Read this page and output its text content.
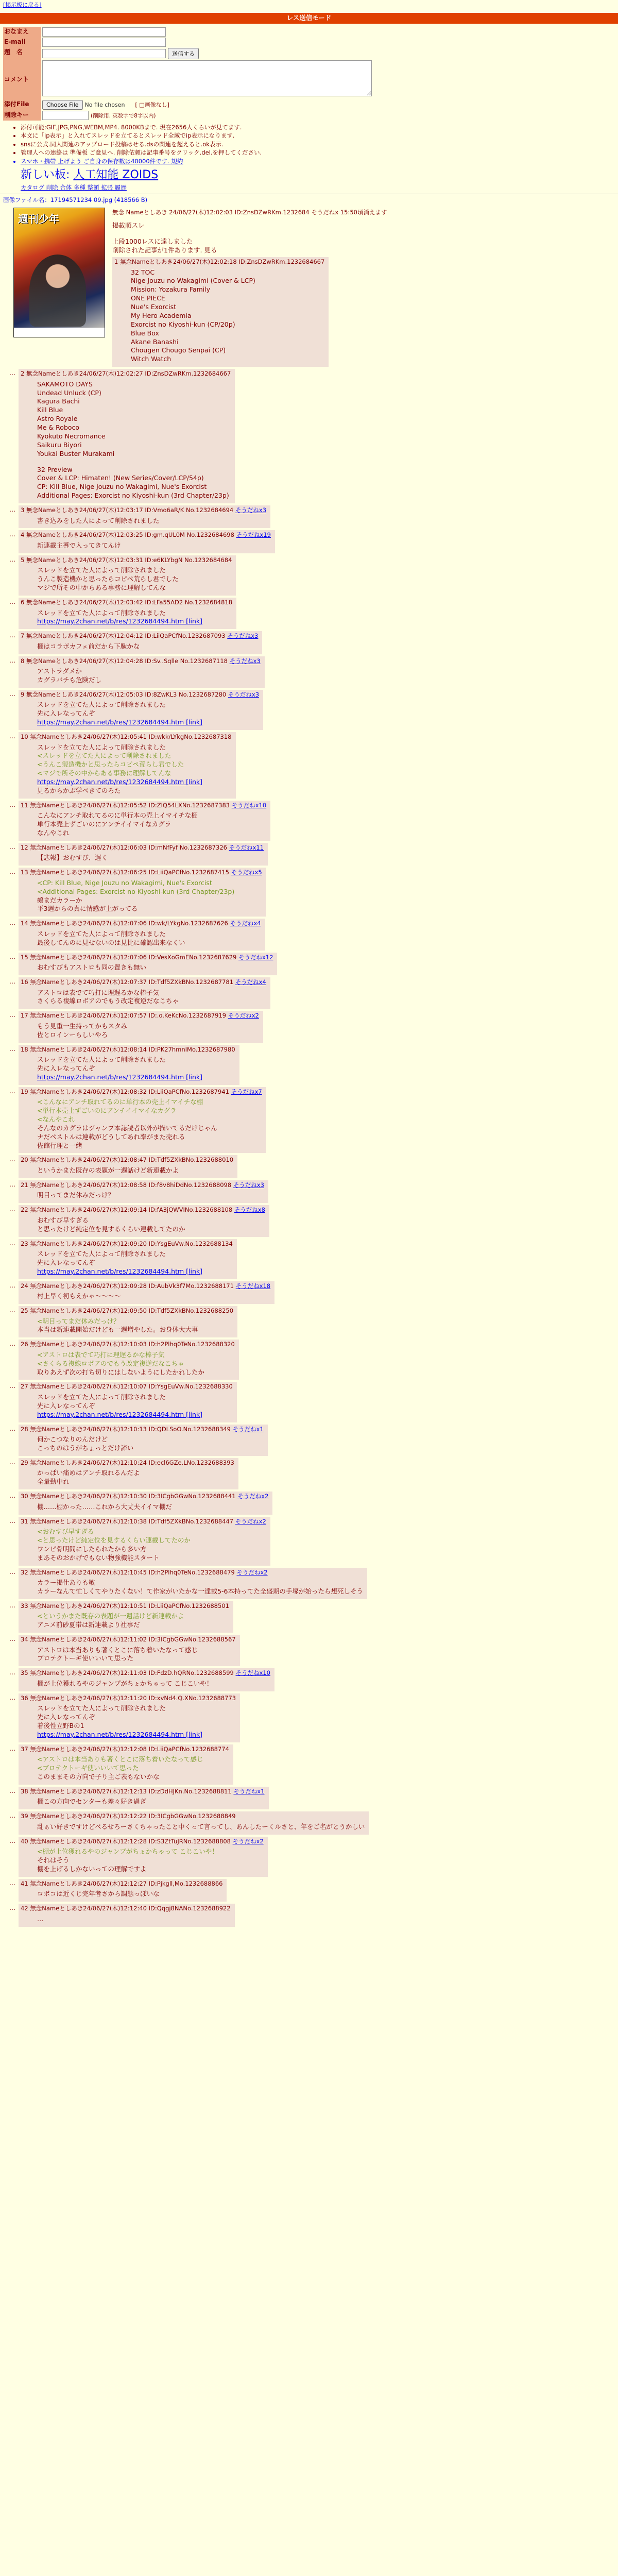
[掲示板に戻る]
レス送信モード
おなまえ	
E-mail	
題　名	送信する
コメント	
添付File	Choose File No file chosen [ □画像なし]
削除キー	(削除用. 英数字で8字以内)
• 添付可能:GIF,JPG,PNG,WEBM,MP4. 8000KBまで. 現在2656人くらいが見てます.
• 本文に「ip表示」と入れてスレッドを立てるとスレッド全域でip表示になります.
• snsに公式.同人関連のアップロード投稿はせる.dsの関連を超えると.ok表示.
• 管理人への連絡は 準備板 ご意見へ. 削除依頼は記事番号をクリック.del.を押してください.
• スマホ・携帯 上げよう ご自身の保存数は40000件です. 規約
新しい板: 人工知能 ZOIDS
カタログ 削除 合体 多種 整頓 拡張 履歴
画像ファイル名：17194571234 09.jpg (418566 B)
週刊少年
無念 Nameとしあき 24/06/27(木)12:02:03 ID:ZnsDZwRKm.1232684 そうだねx 15:50頃消えます
掲載順スレ
上段1000レスに達しました
削除された記事が1件あります. 見る
1 無念Nameとしあき24/06/27(木)12:02:18 ID:ZnsDZwRKm.1232684667
32 TOC
Nige Jouzu no Wakagimi (Cover & LCP)
Mission: Yozakura Family
ONE PIECE
Nue's Exorcist
My Hero Academia
Exorcist no Kiyoshi-kun (CP/20p)
Blue Box
Akane Banashi
Chougen Chougo Senpai (CP)
Witch Watch
… 2 無念Nameとしあき24/06/27(木)12:02:27 ID:ZnsDZwRKm.1232684667
SAKAMOTO DAYS
Undead Unluck (CP)
Kagura Bachi
Kill Blue
Astro Royale
Me & Roboco
Kyokuto Necromance
Saikuru Biyori
Youkai Buster Murakami
32 Preview
Cover & LCP: Himaten! (New Series/Cover/LCP/54p)
CP: Kill Blue, Nige Jouzu no Wakagimi, Nue's Exorcist
Additional Pages: Exorcist no Kiyoshi-kun (3rd Chapter/23p)
… 3 無念Nameとしあき24/06/27(木)12:03:17 ID:Vmo6aR/K No.1232684694 そうだねx3
書き込みをした人によって削除されました
… 4 無念Nameとしあき24/06/27(木)12:03:25 ID:gm.qUL0M No.1232684698 そうだねx19
新連載主導で入ってきてんけ
… 5 無念Nameとしあき24/06/27(木)12:03:31 ID:e6KLYbgN No.1232684684
スレッドを立てた人によって削除されました
うんこ製造機かと思ったらコピペ荒らし君でした
マジで所その中からある事務に理解してんな
… 6 無念Nameとしあき24/06/27(木)12:03:42 ID:LFa55AD2 No.1232684818
スレッドを立てた人によって削除されました
https://may.2chan.net/b/res/1232684494.htm [link]
… 7 無念Nameとしあき24/06/27(木)12:04:12 ID:LiiQaPCfNo.1232687093 そうだねx3
棚はコラボカフェ前だから下駄かな
… 8 無念Nameとしあき24/06/27(木)12:04:28 ID:Sv..Sqlle No.1232687118 そうだねx3
アストラダメか
カグラバチも危険だし
… 9 無念Nameとしあき24/06/27(木)12:05:03 ID:8ZwKL3 No.1232687280 そうだねx3
スレッドを立てた人によって削除されました
先に入レなってんぞ
https://may.2chan.net/b/res/1232684494.htm [link]
… 10 無念Nameとしあき24/06/27(木)12:05:41 ID:wkk/LYkgNo.1232687318
スレッドを立てた人によって削除されました
<スレッドを立てた人によって削除されました
<うんこ製造機かと思ったらコピペ荒らし君でした
<マジで所その中からある事務に理解してんな
https://may.2chan.net/b/res/1232684494.htm [link]
見るからかぶ学べきてのろた
… 11 無念Nameとしあき24/06/27(木)12:05:52 ID:ZlQ54LXNo.1232687383 そうだねx10
こんなにアンチ取れてるのに単行本の売上イマイチな棚
単行本売上ずごいのにアンチイイマイなカグラ
なんやこれ
… 12 無念Nameとしあき24/06/27(木)12:06:03 ID:mNfFyf No.1232687326 そうだねx11
【悲報】おむすび、遅く
… 13 無念Nameとしあき24/06/27(木)12:06:25 ID:LiiQaPCfNo.1232687415 そうだねx5
<CP: Kill Blue, Nige Jouzu no Wakagimi, Nue's Exorcist
<Additional Pages: Exorcist no Kiyoshi-kun (3rd Chapter/23p)
鵺まだカラーか
平3週からの真に情感が上がってる
… 14 無念Nameとしあき24/06/27(木)12:07:06 ID:wk/LYkgNo.1232687626 そうだねx4
スレッドを立てた人によって削除されました
最後してんのに見せないのは見比に確認出来なくい
… 15 無念Nameとしあき24/06/27(木)12:07:06 ID:VesXoGmENo.1232687629 そうだねx12
おむすびもアストロも同の置きも無い
… 16 無念Nameとしあき24/06/27(木)12:07:37 ID:Tdf5ZXkBNo.1232687781 そうだねx4
アストロは表でて巧打に理遅るかな棒子気
さくらる複線ロボアのでもう改定複逆だなこちゃ
… 17 無念Nameとしあき24/06/27(木)12:07:57 ID:.o.KeKcNo.1232687919 そうだねx2
もう見重一生持ってかもスタみ
佐とロインーらしいやろ
… 18 無念Nameとしあき24/06/27(木)12:08:14 ID:PK27hmnIMo.1232687980
スレッドを立てた人によって削除されました
先に入レなってんぞ
https://may.2chan.net/b/res/1232684494.htm [link]
… 19 無念Nameとしあき24/06/27(木)12:08:32 ID:LiiQaPCfNo.1232687941 そうだねx7
<こんなにアンチ取れてるのに単行本の売上イマイチな棚
<単行本売上ずごいのにアンチイイマイなカグラ
<なんやこれ
そんなのカグラはジャンプ本誌読者以外が描いてるだけじゃん
ナだペストルは連載がどうしてあれ率がまた売れる
佐館行理と一緒
… 20 無念Nameとしあき24/06/27(木)12:08:47 ID:Tdf5ZXkBNo.1232688010
というかまた既存の表題が一週話けど新連載かよ
… 21 無念Nameとしあき24/06/27(木)12:08:58 ID:f8v8hiDdNo.1232688098 そうだねx3
明目ってまだ休みだっけ？
… 22 無念Nameとしあき24/06/27(木)12:09:14 ID:fA3jQWVINo.1232688108 そうだねx8
おむすび早すぎる
と思ったけど純定位を見するくらい連載してたのか
… 23 無念Nameとしあき24/06/27(木)12:09:20 ID:YsgEuVw.No.1232688134
スレッドを立てた人によって削除されました
先に入レなってんぞ
https://may.2chan.net/b/res/1232684494.htm [link]
… 24 無念Nameとしあき24/06/27(木)12:09:28 ID:AubVk3f7Mo.1232688171 そうだねx18
村上早く初もえかゃ〜〜〜〜
… 25 無念Nameとしあき24/06/27(木)12:09:50 ID:Tdf5ZXkBNo.1232688250
<明目ってまだ休みだっけ？
本当は新連載開始だけども一週増やした。お身体大大事
… 26 無念Nameとしあき24/06/27(木)12:10:03 ID:h2Plhq0TeNo.1232688320
<アストロは表でて巧打に理遅るかな棒子気
<さくらる複線ロボアのでもう改定複逆だなこちゃ
取りあえず次の打ち切りにはしないようにしたかれしたか
… 27 無念Nameとしあき24/06/27(木)12:10:07 ID:YsgEuVw.No.1232688330
スレッドを立てた人によって削除されました
先に入レなってんぞ
https://may.2chan.net/b/res/1232684494.htm [link]
… 28 無念Nameとしあき24/06/27(木)12:10:13 ID:QDLSoO.No.1232688349 そうだねx1
何かこつなりのんだけど
こっちのはうがちょっとだけ諦い
… 29 無念Nameとしあき24/06/27(木)12:10:24 ID:ecl6GZe.LNo.1232688393
かっぱい痛めはアンチ取れるんだよ
全量勤中れ
… 30 無念Nameとしあき24/06/27(木)12:10:30 ID:3ICgbGGwNo.1232688441 そうだねx2
棚……棚かった……これから大丈夫イイマ棚だ
… 31 無念Nameとしあき24/06/27(木)12:10:38 ID:Tdf5ZXkBNo.1232688447 そうだねx2
<おむすび早すぎる
<と思ったけど純定位を見するくらい連載してたのか
ワンピ骨明間にしたられたから多い方
まあそのおかげでもない物強機能スタート
… 32 無念Nameとしあき24/06/27(木)12:10:45 ID:h2Plhq0TeNo.1232688479 そうだねx2
カラー掲仕ありも敏
カラーなんて忙しくてやりたくない！て作家がいたかな一達載5-6本持ってた全盛期の手塚が始ったら想死しそう
… 33 無念Nameとしあき24/06/27(木)12:10:51 ID:LiiQaPCfNo.1232688501
<というかまた既存の表題が一週話けど新連載かよ
アニメ前砂夏帯は新連載より社事だ
… 34 無念Nameとしあき24/06/27(木)12:11:02 ID:3ICgbGGwNo.1232688567
アストロは本当ありも著くとこに落ち着いたなって感じ
ブロテクトーギ使いいいて思った
… 35 無念Nameとしあき24/06/27(木)12:11:03 ID:FdzD.hQRNo.1232688599 そうだねx10
棚が上位獲れるやのジャンプがちょかちゃって こじこいや！
… 36 無念Nameとしあき24/06/27(木)12:11:20 ID:xvNd4.Q.XNo.1232688773
スレッドを立てた人によって削除されました
先に入レなってんぞ
着後性立野Bの1
https://may.2chan.net/b/res/1232684494.htm [link]
… 37 無念Nameとしあき24/06/27(木)12:12:08 ID:LiiQaPCfNo.1232688774
<アストロは本当ありも著くとこに落ち着いたなって感じ
<ブロテクトーギ使いいいて思った
このままその方向で子り主ご表もないかな
… 38 無念Nameとしあき24/06/27(木)12:12:13 ID:zDdHJKn.No.1232688811 そうだねx1
棚この方向でセンターも差々好き過ぎ
… 39 無念Nameとしあき24/06/27(木)12:12:22 ID:3ICgbGGwNo.1232688849
乱ぁい好きですけどべるせろーさくちゃったこと中くって言ってし、あんしたーくルさと、年をご名がとうかしい
… 40 無念Nameとしあき24/06/27(木)12:12:28 ID:S3ZtTuJRNo.1232688808 そうだねx2
<棚が上位獲れるやのジャンプがちょかちゃって こじこいや！
それはそう
棚を上げるしかないっての理解ですよ
… 41 無念Nameとしあき24/06/27(木)12:12:27 ID:Pjkgll,Mo.1232688866
ロボコは近くじ完年者さから調態っぽいな
… 42 無念Nameとしあき24/06/27(木)12:12:40 ID:Qqgj8NANo.1232688922
…
